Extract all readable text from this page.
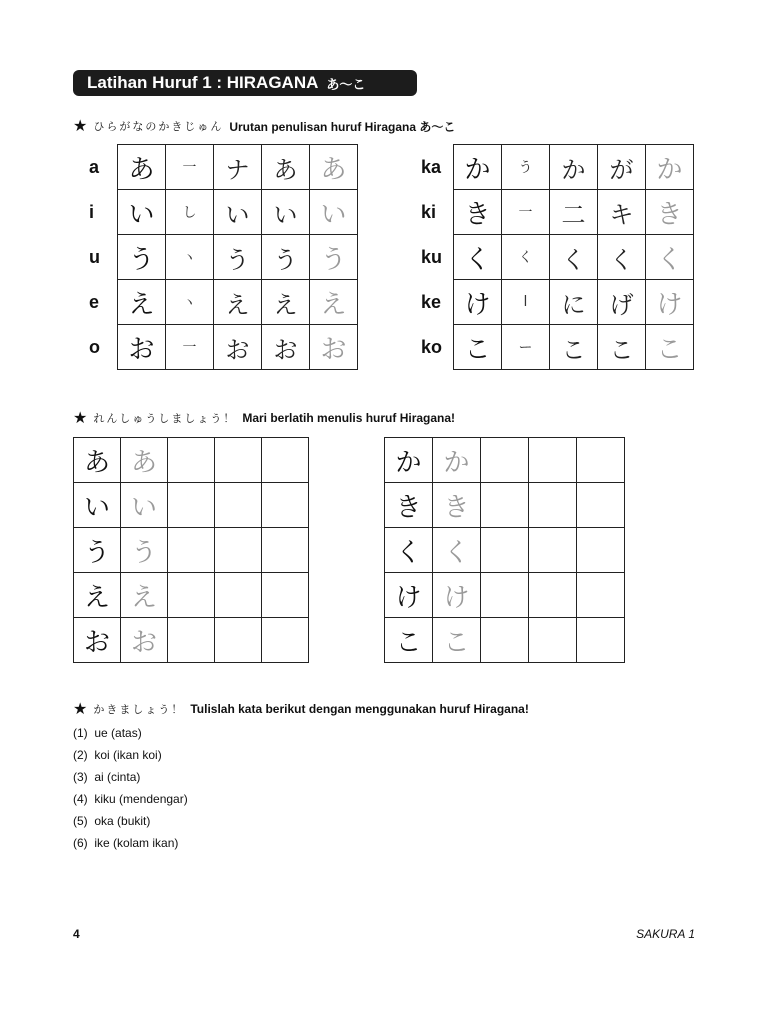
Latihan Huruf 1 : HIRAGANA あ〜こ
★ ひらがなのかきじゅん Urutan penulisan huruf Hiragana あ〜こ
a	あ	一	ナ	あ	あ
i	い	し	い	い	い
u	う	ヽ	う	う	う
e	え	ヽ	え	え	え
o	お	一	お	お	お
ka	か	う	か	が	か
ki	き	一	二	キ	き
ku	く	く	く	く	く
ke	け	l	に	げ	け
ko	こ	ー	こ	こ	こ
★ れんしゅうしましょう！ Mari berlatih menulis huruf Hiragana!
あ	あ			
い	い			
う	う			
え	え			
お	お			
か	か			
き	き			
く	く			
け	け			
こ	こ			
★ かきましょう！ Tulislah kata berikut dengan menggunakan huruf Hiragana!
(1) ue (atas)
(2) koi (ikan koi)
(3) ai (cinta)
(4) kiku (mendengar)
(5) oka (bukit)
(6) ike (kolam ikan)
4	SAKURA 1
